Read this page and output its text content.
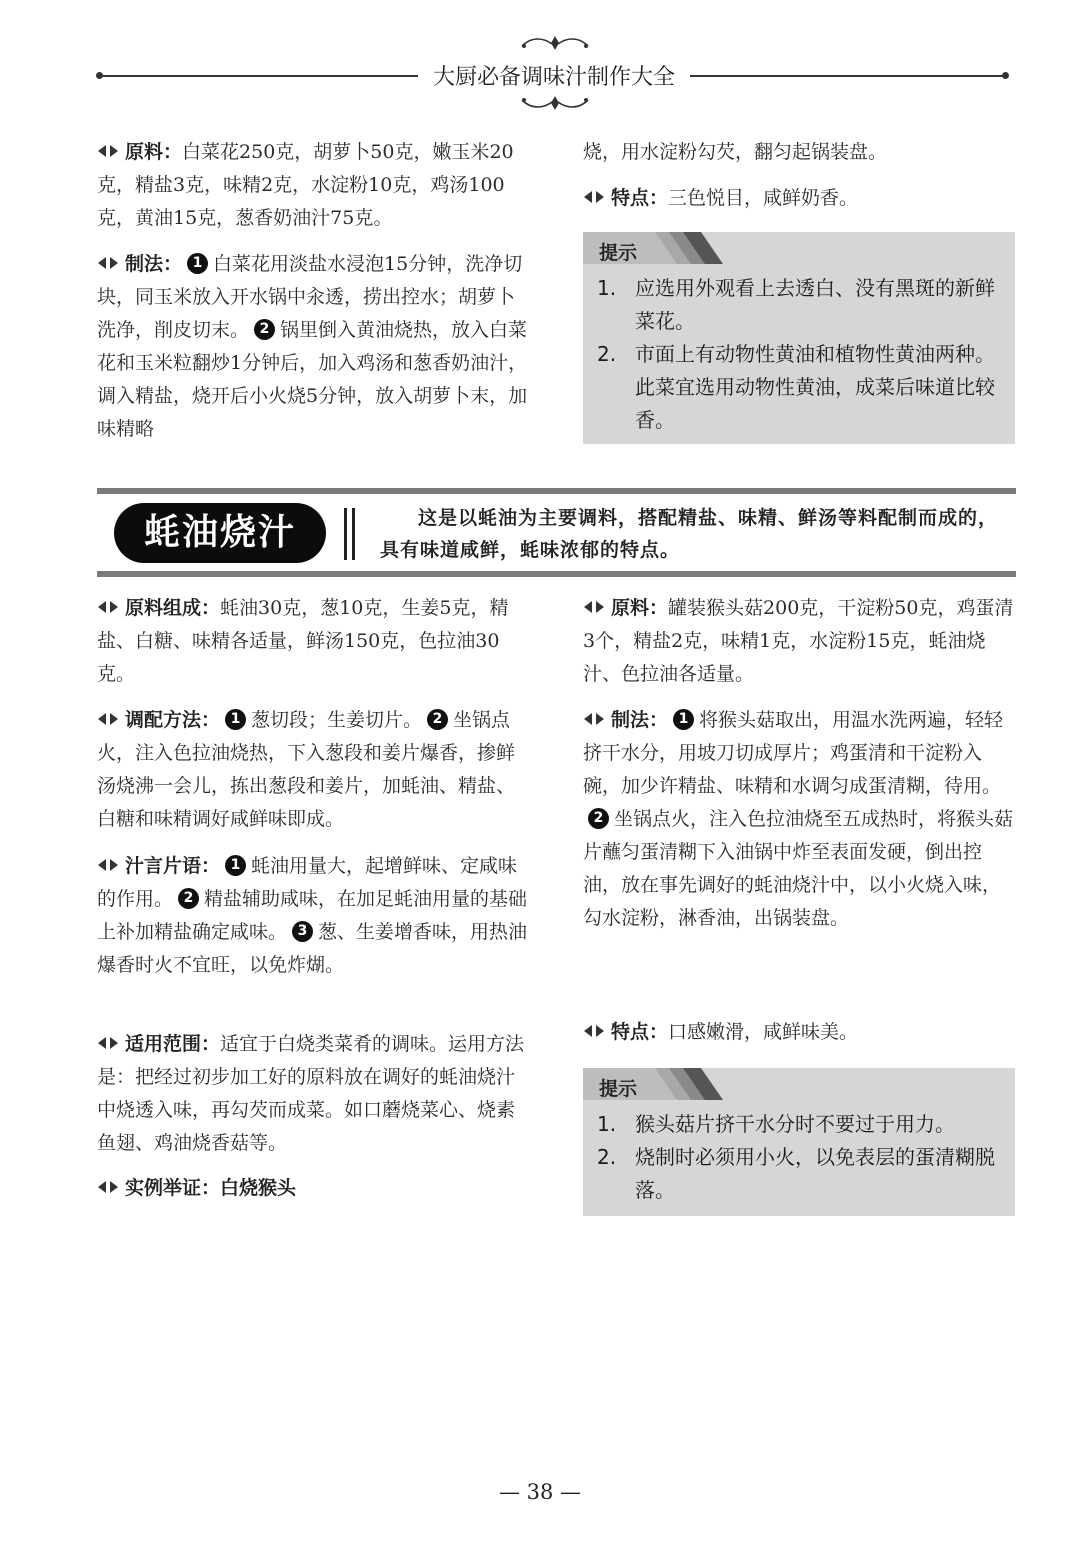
大厨必备调味汁制作大全

原料：白菜花250克，胡萝卜50克，嫩玉米20克，精盐3克，味精2克，水淀粉10克，鸡汤100克，黄油15克，葱香奶油汁75克。

制法： 1 白菜花用淡盐水浸泡15分钟，洗净切块，同玉米放入开水锅中汆透，捞出控水；胡萝卜洗净，削皮切末。 2 锅里倒入黄油烧热，放入白菜花和玉米粒翻炒1分钟后，加入鸡汤和葱香奶油汁，调入精盐，烧开后小火烧5分钟，放入胡萝卜末，加味精略

烧，用水淀粉勾芡，翻匀起锅装盘。

特点：三色悦目，咸鲜奶香。

提示
1. 应选用外观看上去透白、没有黑斑的新鲜菜花。
2. 市面上有动物性黄油和植物性黄油两种。此菜宜选用动物性黄油，成菜后味道比较香。
蚝油烧汁	这是以蚝油为主要调料，搭配精盐、味精、鲜汤等料配制而成的，具有味道咸鲜，蚝味浓郁的特点。

原料组成：蚝油30克，葱10克，生姜5克，精盐、白糖、味精各适量，鲜汤150克，色拉油30克。

调配方法： 1 葱切段；生姜切片。 2 坐锅点火，注入色拉油烧热，下入葱段和姜片爆香，掺鲜汤烧沸一会儿，拣出葱段和姜片，加蚝油、精盐、白糖和味精调好咸鲜味即成。

汁言片语： 1 蚝油用量大，起增鲜味、定咸味的作用。 2 精盐辅助咸味，在加足蚝油用量的基础上补加精盐确定咸味。 3 葱、生姜增香味，用热油爆香时火不宜旺，以免炸煳。

适用范围：适宜于白烧类菜肴的调味。运用方法是：把经过初步加工好的原料放在调好的蚝油烧汁中烧透入味，再勾芡而成菜。如口蘑烧菜心、烧素鱼翅、鸡油烧香菇等。

实例举证：白烧猴头

原料：罐装猴头菇200克，干淀粉50克，鸡蛋清3个，精盐2克，味精1克，水淀粉15克，蚝油烧汁、色拉油各适量。

制法： 1 将猴头菇取出，用温水洗两遍，轻轻挤干水分，用坡刀切成厚片；鸡蛋清和干淀粉入碗，加少许精盐、味精和水调匀成蛋清糊，待用。2 坐锅点火，注入色拉油烧至五成热时，将猴头菇片蘸匀蛋清糊下入油锅中炸至表面发硬，倒出控油，放在事先调好的蚝油烧汁中，以小火烧入味，勾水淀粉，淋香油，出锅装盘。

特点：口感嫩滑，咸鲜味美。

提示
1. 猴头菇片挤干水分时不要过于用力。
2. 烧制时必须用小火，以免表层的蛋清糊脱落。
— 38 —
